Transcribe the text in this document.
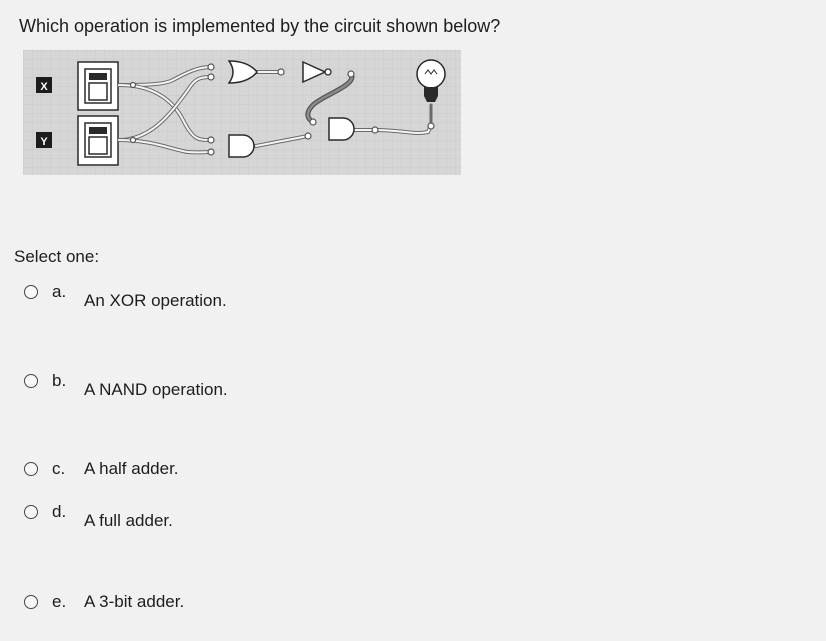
Which operation is implemented by the circuit shown below?
X
Y
Select one:
a. An XOR operation.
b. A NAND operation.
c. A half adder.
d. A full adder.
e. A 3-bit adder.
